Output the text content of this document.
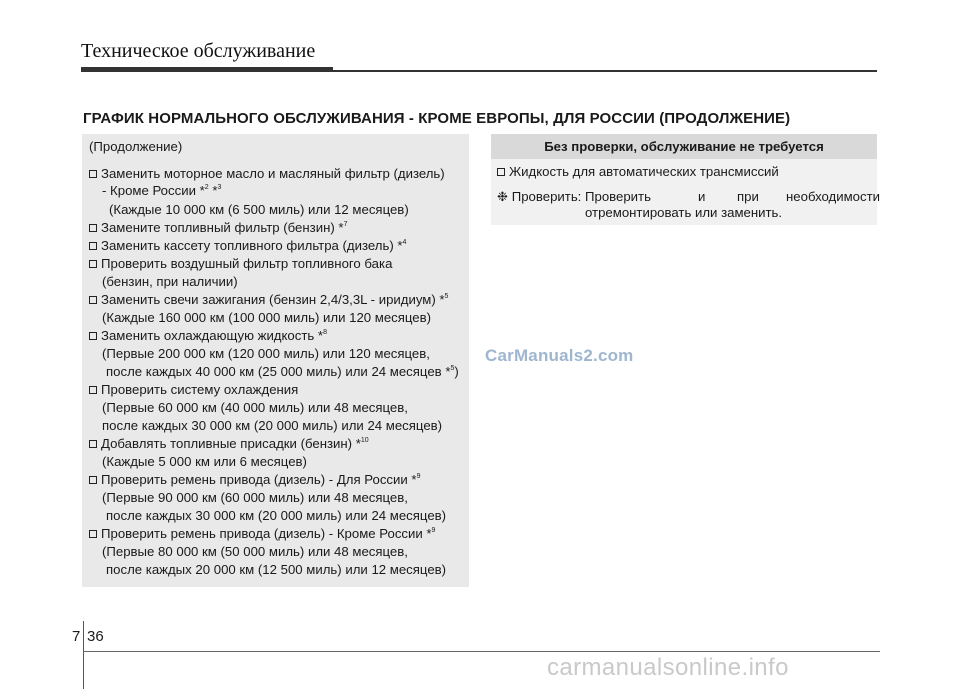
Техническое обслуживание
ГРАФИК НОРМАЛЬНОГО ОБСЛУЖИВАНИЯ - КРОМЕ ЕВРОПЫ, ДЛЯ РОССИИ (ПРОДОЛЖЕНИЕ)
(Продолжение)
Заменить моторное масло и масляный фильтр (дизель)
- Кроме России *$^2$ *$^3$
(Каждые 10 000 км (6 500 миль) или 12 месяцев)
Замените топливный фильтр (бензин) *$^7$
Заменить кассету топливного фильтра (дизель) *$^4$
Проверить воздушный фильтр топливного бака
(бензин, при наличии)
Заменить свечи зажигания (бензин 2,4/3,3L - иридиум) *$^5$
(Каждые 160 000 км (100 000 миль) или 120 месяцев)
Заменить охлаждающую жидкость *$^8$
(Первые 200 000 км (120 000 миль) или 120 месяцев,
после каждых 40 000 км (25 000 миль) или 24 месяцев *$^5$)
Проверить систему охлаждения
(Первые 60 000 км (40 000 миль) или 48 месяцев,
после каждых 30 000 км (20 000 миль) или 24 месяцев)
Добавлять топливные присадки (бензин) *$^{10}$
(Каждые 5 000 км или 6 месяцев)
Проверить ремень привода (дизель) - Для России *$^9$
(Первые 90 000 км (60 000 миль) или 48 месяцев,
после каждых 30 000 км (20 000 миль) или 24 месяцев)
Проверить ремень привода (дизель) - Кроме России *$^9$
(Первые 80 000 км (50 000 миль) или 48 месяцев,
после каждых 20 000 км (12 500 миль) или 12 месяцев)
Без проверки, обслуживание не требуется
Жидкость для автоматических трансмиссий
❉ Проверить: Проверить	и при необходимости
отремонтировать или заменить.
CarManuals2.com
7 36
carmanualsonline.info
